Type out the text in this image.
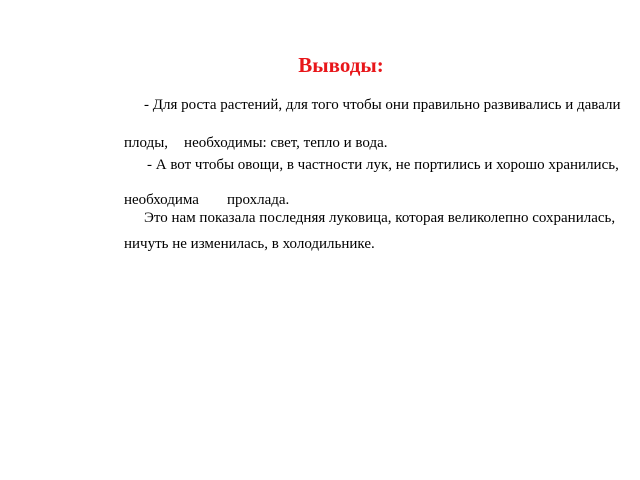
Выводы:
- Для роста растений, для того чтобы они правильно развивались и давали
плоды, необходимы: свет, тепло и вода.
- А вот чтобы овощи, в частности лук, не портились и хорошо хранились,
необходима прохлада.
Это нам показала последняя луковица, которая великолепно сохранилась,
ничуть не изменилась, в холодильнике.
